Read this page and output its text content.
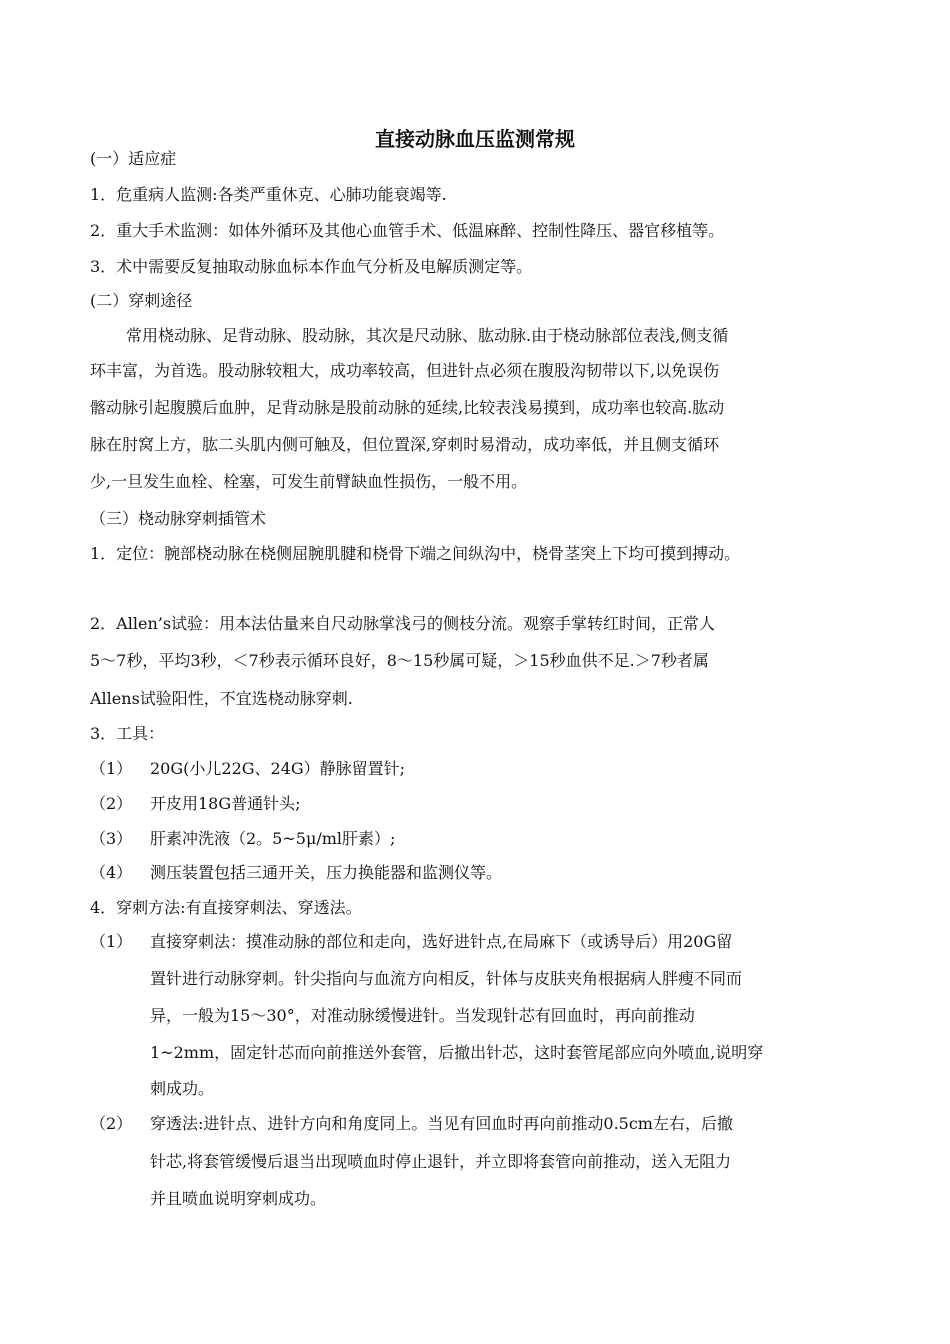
直接动脉血压监测常规

(一）适应症

1．危重病人监测:各类严重休克、心肺功能衰竭等.

2．重大手术监测：如体外循环及其他心血管手术、低温麻醉、控制性降压、器官移植等。

3．术中需要反复抽取动脉血标本作血气分析及电解质测定等。

(二）穿刺途径

常用桡动脉、足背动脉、股动脉，其次是尺动脉、肱动脉.由于桡动脉部位表浅,侧支循

环丰富，为首选。股动脉较粗大，成功率较高，但进针点必须在腹股沟韧带以下,以免误伤

髂动脉引起腹膜后血肿，足背动脉是股前动脉的延续,比较表浅易摸到，成功率也较高.肱动

脉在肘窝上方，肱二头肌内侧可触及，但位置深,穿刺时易滑动，成功率低，并且侧支循环

少,一旦发生血栓、栓塞，可发生前臂缺血性损伤，一般不用。

（三）桡动脉穿刺插管术

1．定位：腕部桡动脉在桡侧屈腕肌腱和桡骨下端之间纵沟中，桡骨茎突上下均可摸到搏动。

2．Allen’s试验：用本法估量来自尺动脉掌浅弓的侧枝分流。观察手掌转红时间，正常人

5～7秒，平均3秒，＜7秒表示循环良好，8～15秒属可疑，＞15秒血供不足.＞7秒者属

Allens试验阳性，不宜选桡动脉穿刺.

3．工具：

（1） 20G(小儿22G、24G）静脉留置针;

（2） 开皮用18G普通针头;

（3） 肝素冲洗液（2。5~5μ/ml肝素）;

（4） 测压装置包括三通开关，压力换能器和监测仪等。

4．穿刺方法:有直接穿刺法、穿透法。

（1）	直接穿刺法：摸准动脉的部位和走向，选好进针点,在局麻下（或诱导后）用20G留

置针进行动脉穿刺。针尖指向与血流方向相反，针体与皮肤夹角根据病人胖瘦不同而

异，一般为15～30°，对准动脉缓慢进针。当发现针芯有回血时，再向前推动

1~2mm，固定针芯而向前推送外套管，后撤出针芯，这时套管尾部应向外喷血,说明穿

刺成功。

（2）	穿透法:进针点、进针方向和角度同上。当见有回血时再向前推动0.5cm左右，后撤

针芯,将套管缓慢后退当出现喷血时停止退针，并立即将套管向前推动，送入无阻力

并且喷血说明穿刺成功。
